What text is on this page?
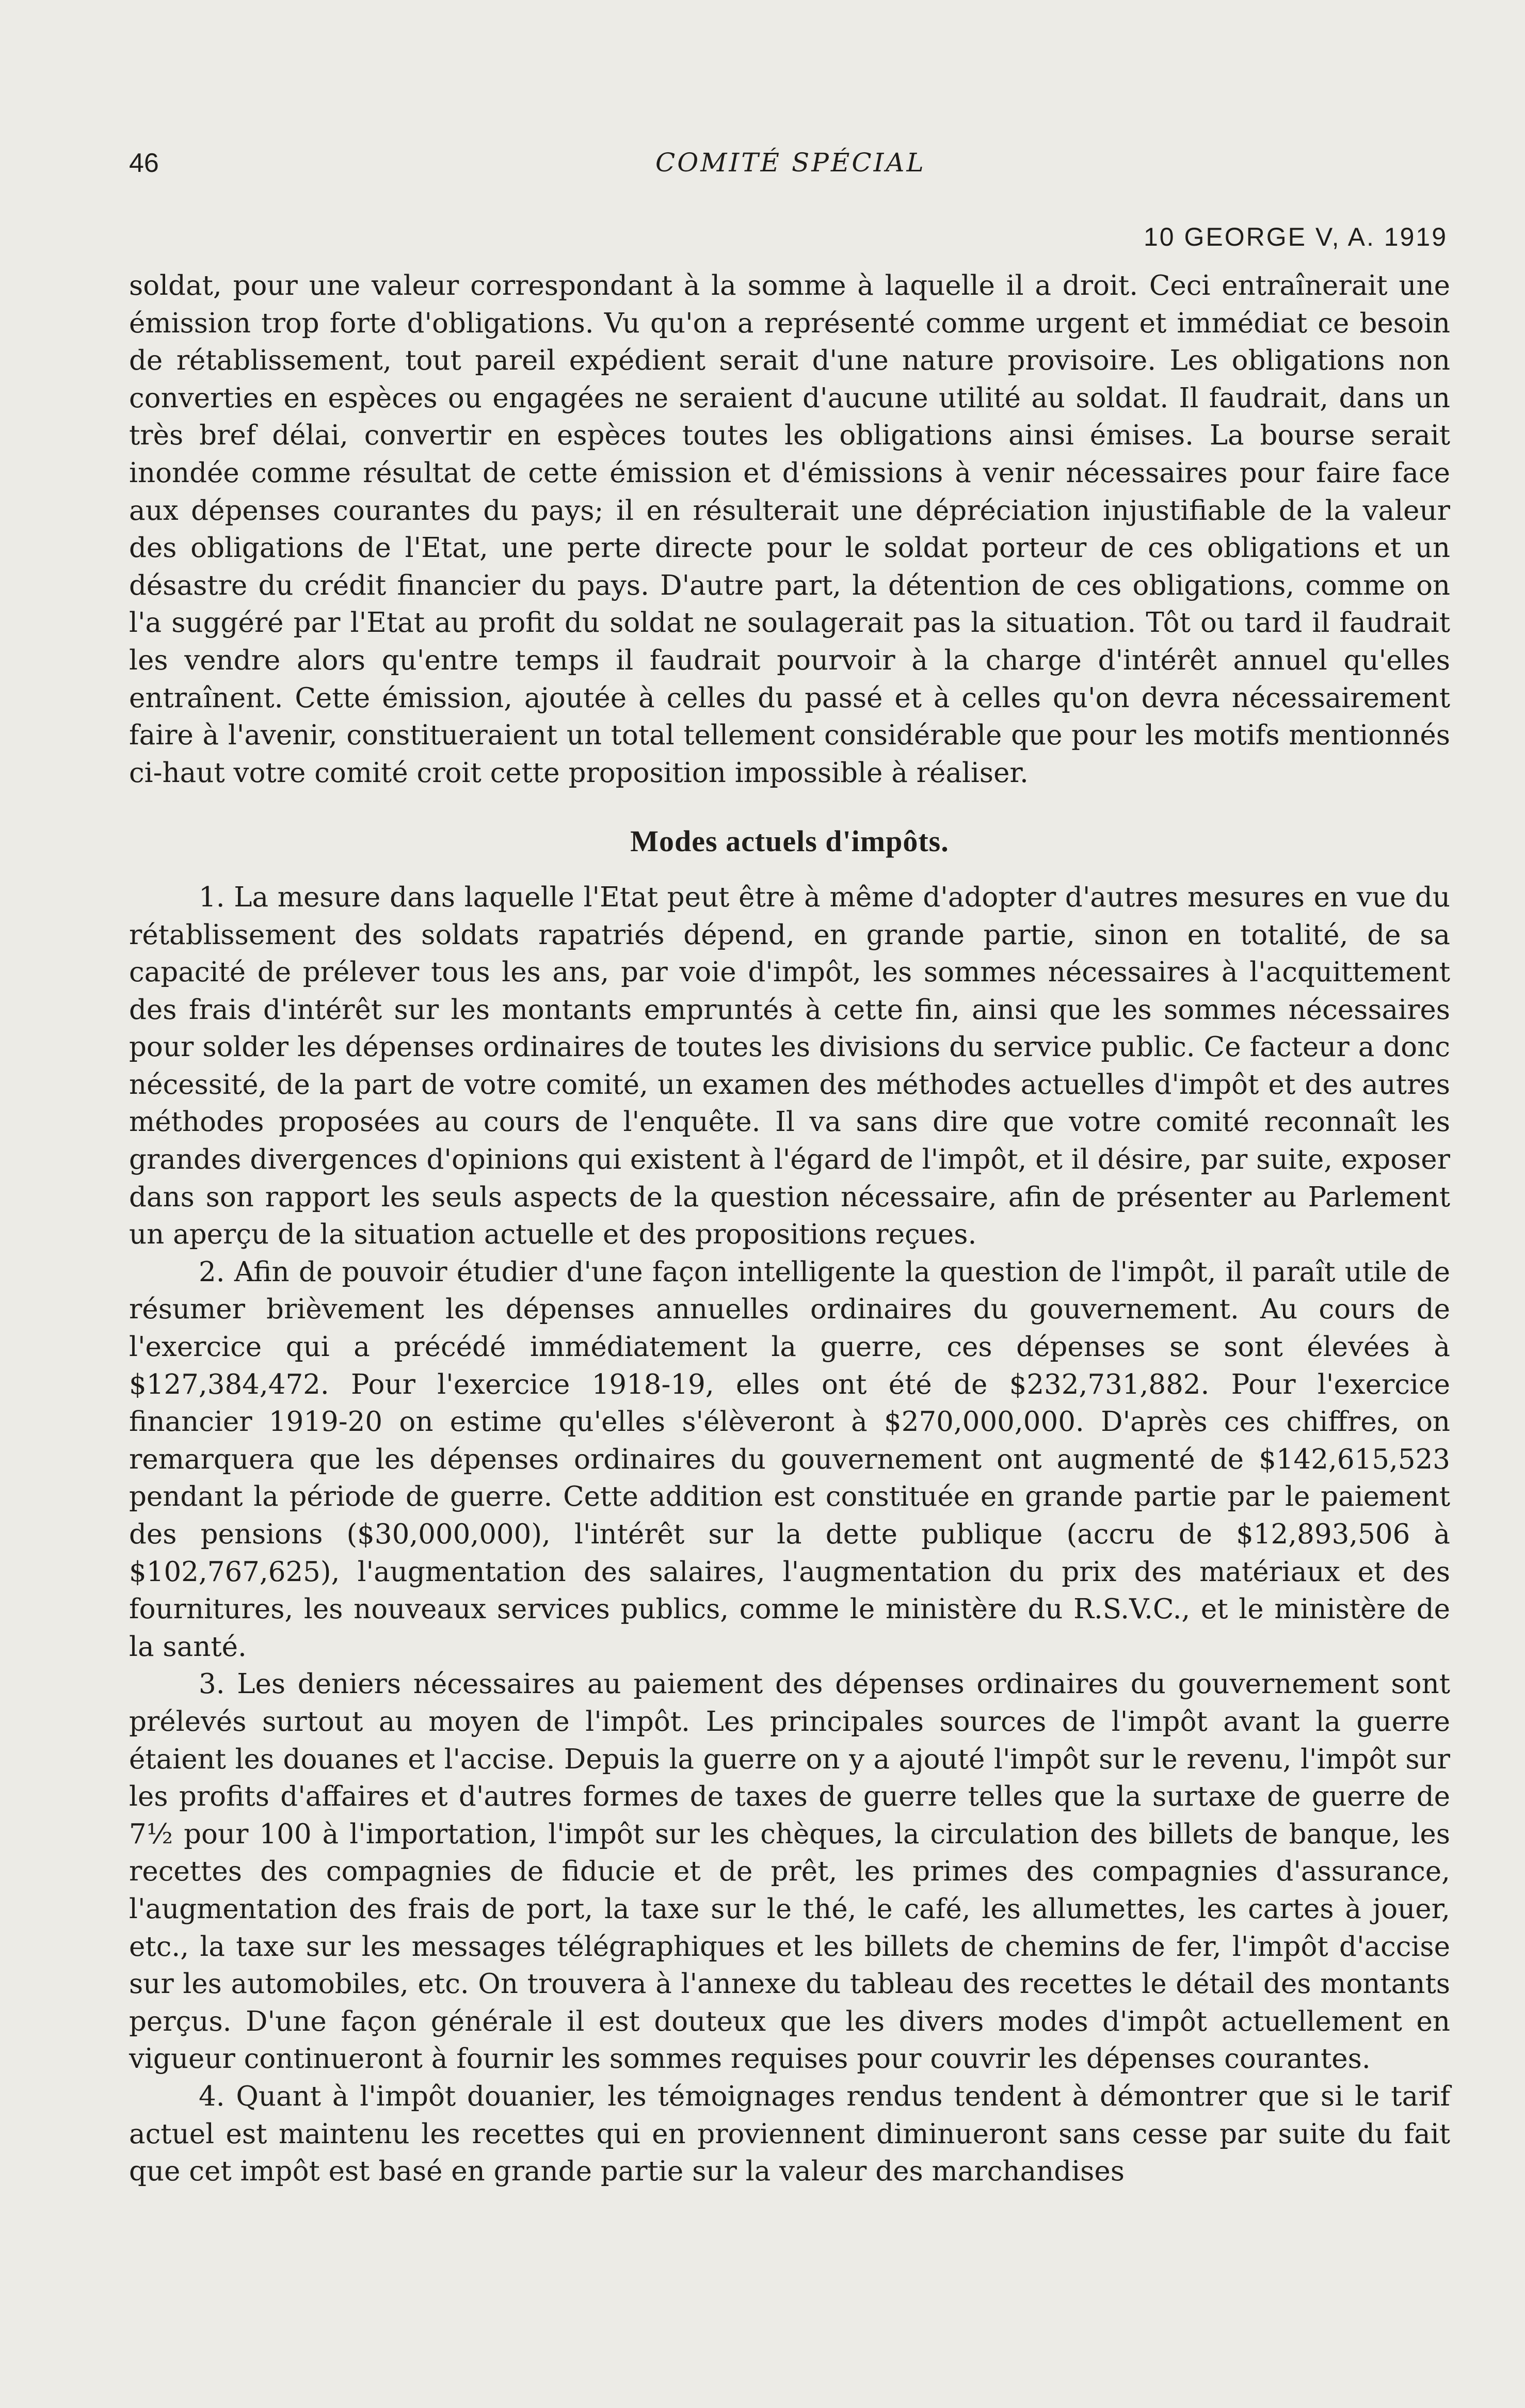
46	COMITÉ SPÉCIAL
10 GEORGE V, A. 1919

soldat, pour une valeur correspondant à la somme à laquelle il a droit. Ceci entraînerait une émission trop forte d'obligations. Vu qu'on a représenté comme urgent et immédiat ce besoin de rétablissement, tout pareil expédient serait d'une nature provisoire. Les obligations non converties en espèces ou engagées ne seraient d'aucune utilité au soldat. Il faudrait, dans un très bref délai, convertir en espèces toutes les obligations ainsi émises. La bourse serait inondée comme résultat de cette émission et d'émissions à venir nécessaires pour faire face aux dépenses courantes du pays; il en résulterait une dépréciation injustifiable de la valeur des obligations de l'Etat, une perte directe pour le soldat porteur de ces obligations et un désastre du crédit financier du pays. D'autre part, la détention de ces obligations, comme on l'a suggéré par l'Etat au profit du soldat ne soulagerait pas la situation. Tôt ou tard il faudrait les vendre alors qu'entre temps il faudrait pourvoir à la charge d'intérêt annuel qu'elles entraînent. Cette émission, ajoutée à celles du passé et à celles qu'on devra nécessairement faire à l'avenir, constitueraient un total tellement considérable que pour les motifs mentionnés ci-haut votre comité croit cette proposition impossible à réaliser.

Modes actuels d'impôts.

1. La mesure dans laquelle l'Etat peut être à même d'adopter d'autres mesures en vue du rétablissement des soldats rapatriés dépend, en grande partie, sinon en totalité, de sa capacité de prélever tous les ans, par voie d'impôt, les sommes nécessaires à l'acquittement des frais d'intérêt sur les montants empruntés à cette fin, ainsi que les sommes nécessaires pour solder les dépenses ordinaires de toutes les divisions du service public. Ce facteur a donc nécessité, de la part de votre comité, un examen des méthodes actuelles d'impôt et des autres méthodes proposées au cours de l'enquête. Il va sans dire que votre comité reconnaît les grandes divergences d'opinions qui existent à l'égard de l'impôt, et il désire, par suite, exposer dans son rapport les seuls aspects de la question nécessaire, afin de présenter au Parlement un aperçu de la situation actuelle et des propositions reçues.

2. Afin de pouvoir étudier d'une façon intelligente la question de l'impôt, il paraît utile de résumer brièvement les dépenses annuelles ordinaires du gouvernement. Au cours de l'exercice qui a précédé immédiatement la guerre, ces dépenses se sont élevées à $127,384,472. Pour l'exercice 1918-19, elles ont été de $232,731,882. Pour l'exercice financier 1919-20 on estime qu'elles s'élèveront à $270,000,000. D'après ces chiffres, on remarquera que les dépenses ordinaires du gouvernement ont augmenté de $142,615,523 pendant la période de guerre. Cette addition est constituée en grande partie par le paiement des pensions ($30,000,000), l'intérêt sur la dette publique (accru de $12,893,506 à $102,767,625), l'augmentation des salaires, l'augmentation du prix des matériaux et des fournitures, les nouveaux services publics, comme le ministère du R.S.V.C., et le ministère de la santé.

3. Les deniers nécessaires au paiement des dépenses ordinaires du gouvernement sont prélevés surtout au moyen de l'impôt. Les principales sources de l'impôt avant la guerre étaient les douanes et l'accise. Depuis la guerre on y a ajouté l'impôt sur le revenu, l'impôt sur les profits d'affaires et d'autres formes de taxes de guerre telles que la surtaxe de guerre de 7½ pour 100 à l'importation, l'impôt sur les chèques, la circulation des billets de banque, les recettes des compagnies de fiducie et de prêt, les primes des compagnies d'assurance, l'augmentation des frais de port, la taxe sur le thé, le café, les allumettes, les cartes à jouer, etc., la taxe sur les messages télégraphiques et les billets de chemins de fer, l'impôt d'accise sur les automobiles, etc. On trouvera à l'annexe du tableau des recettes le détail des montants perçus. D'une façon générale il est douteux que les divers modes d'impôt actuellement en vigueur continueront à fournir les sommes requises pour couvrir les dépenses courantes.

4. Quant à l'impôt douanier, les témoignages rendus tendent à démontrer que si le tarif actuel est maintenu les recettes qui en proviennent diminueront sans cesse par suite du fait que cet impôt est basé en grande partie sur la valeur des marchandises
